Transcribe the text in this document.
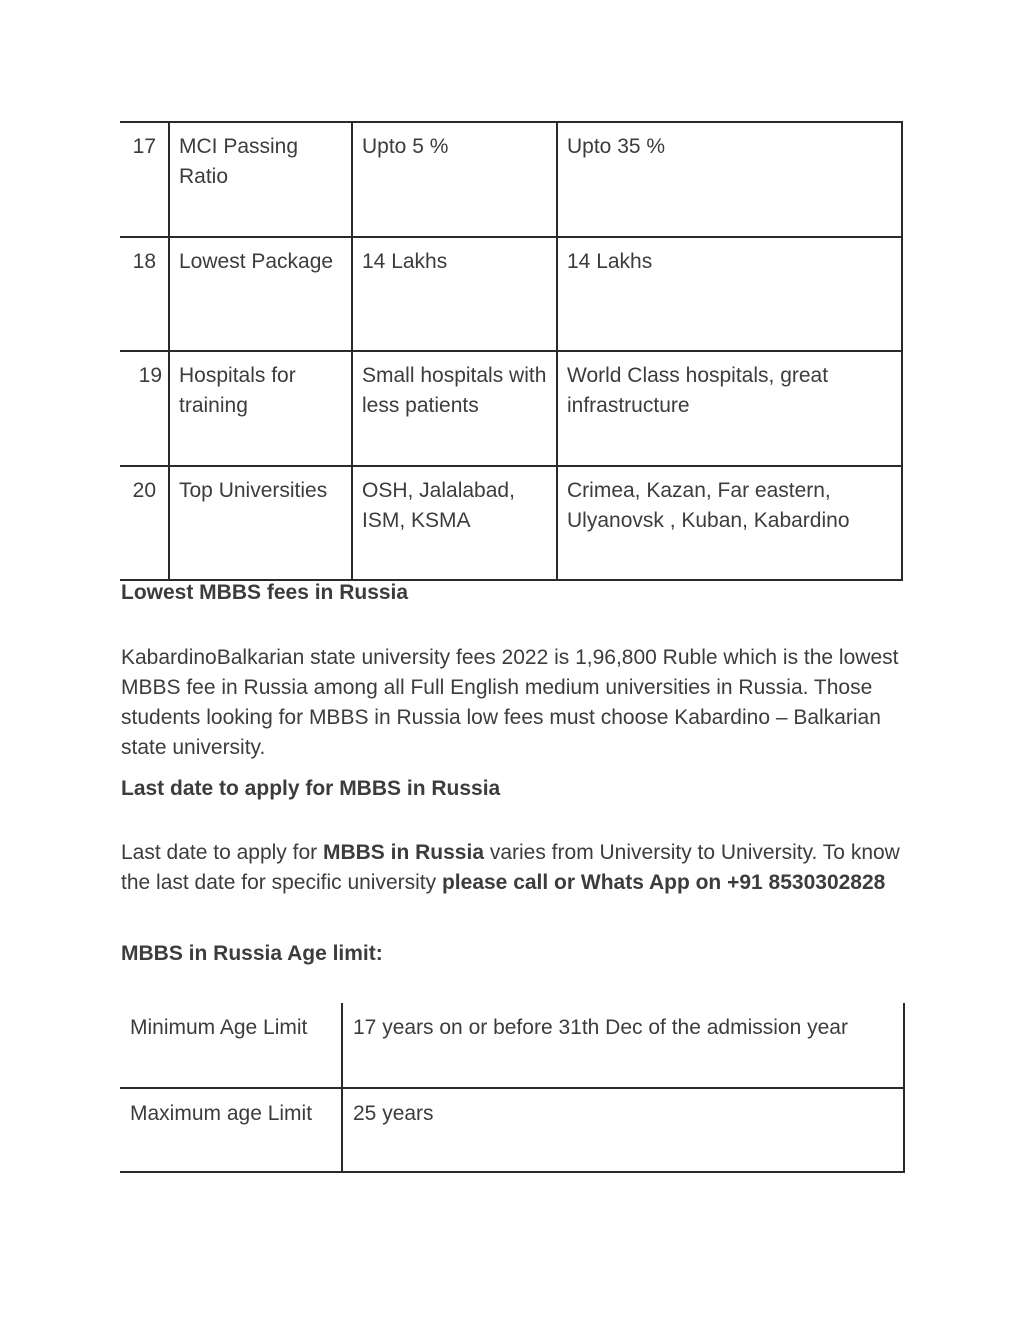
17	MCI Passing Ratio	Upto 5 %	Upto 35 %
18	Lowest Package	14 Lakhs	14 Lakhs
19	Hospitals for training	Small hospitals with less patients	World Class hospitals, great infrastructure
20	Top Universities	OSH, Jalalabad, ISM, KSMA	Crimea, Kazan, Far eastern, Ulyanovsk , Kuban, Kabardino
Lowest MBBS fees in Russia

KabardinoBalkarian state university fees 2022 is 1,96,800 Ruble which is the lowest MBBS fee in Russia among all Full English medium universities in Russia. Those students looking for MBBS in Russia low fees must choose Kabardino – Balkarian state university.

Last date to apply for MBBS in Russia

Last date to apply for MBBS in Russia varies from University to University. To know the last date for specific university please call or Whats App on +91 8530302828

MBBS in Russia Age limit:
Minimum Age Limit	17 years on or before 31th Dec of the admission year
Maximum age Limit	25 years
